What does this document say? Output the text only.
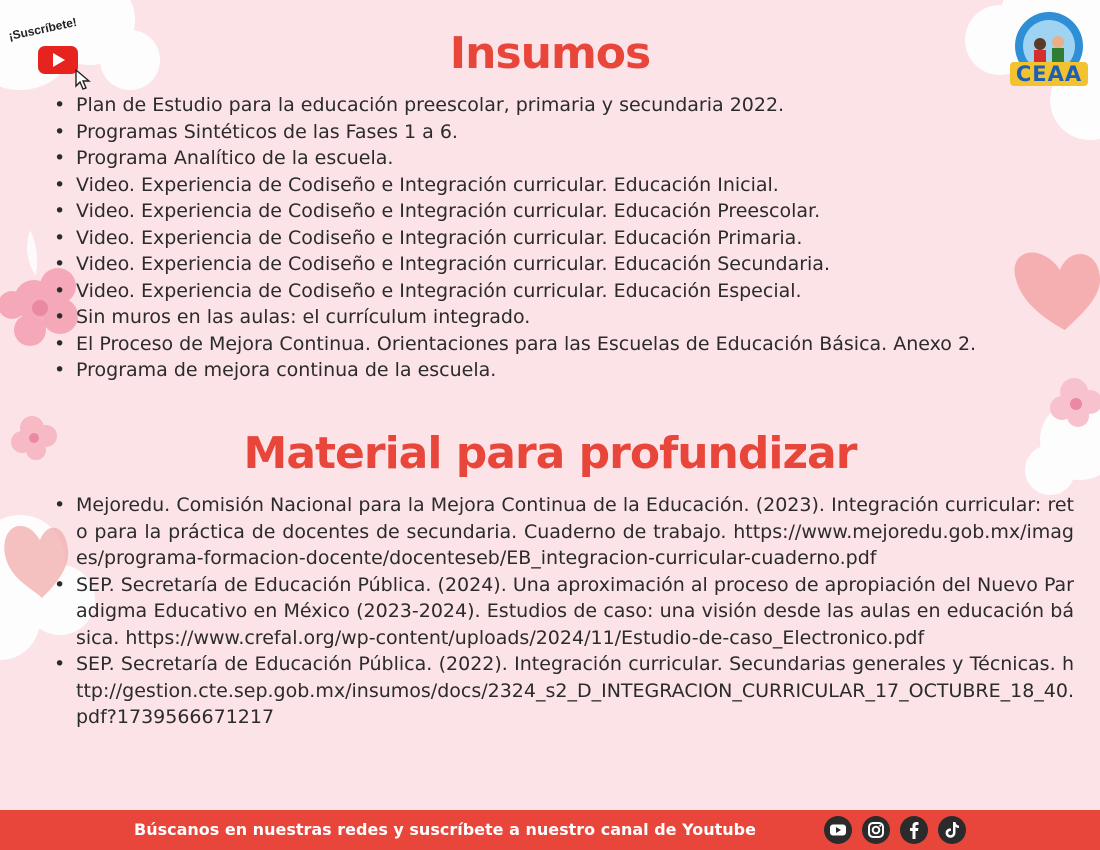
¡Suscríbete!
CEAA
Insumos
• Plan de Estudio para la educación preescolar, primaria y secundaria 2022.
• Programas Sintéticos de las Fases 1 a 6.
• Programa Analítico de la escuela.
• Video. Experiencia de Codiseño e Integración curricular. Educación Inicial.
• Video. Experiencia de Codiseño e Integración curricular. Educación Preescolar.
• Video. Experiencia de Codiseño e Integración curricular. Educación Primaria.
• Video. Experiencia de Codiseño e Integración curricular. Educación Secundaria.
• Video. Experiencia de Codiseño e Integración curricular. Educación Especial.
• Sin muros en las aulas: el currículum integrado.
• El Proceso de Mejora Continua. Orientaciones para las Escuelas de Educación Básica. Anexo 2.
• Programa de mejora continua de la escuela.
Material para profundizar
• Mejoredu. Comisión Nacional para la Mejora Continua de la Educación. (2023). Integración curricular: reto para la práctica de docentes de secundaria. Cuaderno de trabajo. https://www.mejoredu.gob.mx/images/programa-formacion-docente/docenteseb/EB_integracion-curricular-cuaderno.pdf
• SEP. Secretaría de Educación Pública. (2024). Una aproximación al proceso de apropiación del Nuevo Paradigma Educativo en México (2023-2024). Estudios de caso: una visión desde las aulas en educación básica. https://www.crefal.org/wp-content/uploads/2024/11/Estudio-de-caso_Electronico.pdf
• SEP. Secretaría de Educación Pública. (2022). Integración curricular. Secundarias generales y Técnicas. http://gestion.cte.sep.gob.mx/insumos/docs/2324_s2_D_INTEGRACION_CURRICULAR_17_OCTUBRE_18_40.pdf?1739566671217
Búscanos en nuestras redes y suscríbete a nuestro canal de Youtube
